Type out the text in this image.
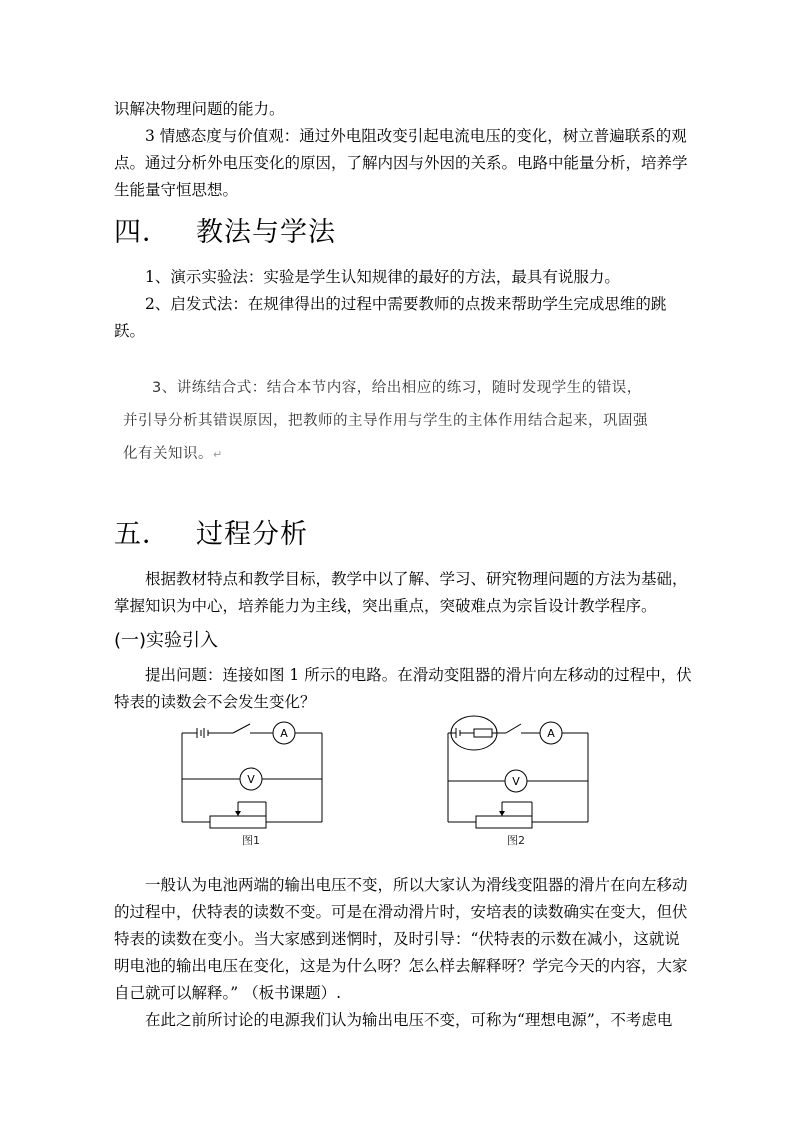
识解决物理问题的能力。

3 情感态度与价值观：通过外电阻改变引起电流电压的变化，树立普遍联系的观点。通过分析外电压变化的原因，了解内因与外因的关系。电路中能量分析，培养学生能量守恒思想。

四． 教法与学法

1、演示实验法：实验是学生认知规律的最好的方法，最具有说服力。

2、启发式法：在规律得出的过程中需要教师的点拨来帮助学生完成思维的跳跃。

3、讲练结合式：结合本节内容，给出相应的练习，随时发现学生的错误，

并引导分析其错误原因，把教师的主导作用与学生的主体作用结合起来，巩固强

化有关知识。↵

五． 过程分析

根据教材特点和教学目标，教学中以了解、学习、研究物理问题的方法为基础，掌握知识为中心，培养能力为主线，突出重点，突破难点为宗旨设计教学程序。

(一)实验引入

提出问题：连接如图 1 所示的电路。在滑动变阻器的滑片向左移动的过程中，伏特表的读数会不会发生变化？

A
V
图1
A
V
图2

一般认为电池两端的输出电压不变，所以大家认为滑线变阻器的滑片在向左移动的过程中，伏特表的读数不变。可是在滑动滑片时，安培表的读数确实在变大，但伏特表的读数在变小。当大家感到迷惘时，及时引导：“伏特表的示数在减小，这就说明电池的输出电压在变化，这是为什么呀？怎么样去解释呀？学完今天的内容，大家自己就可以解释。” （板书课题）.

在此之前所讨论的电源我们认为输出电压不变，可称为“理想电源”，不考虑电
